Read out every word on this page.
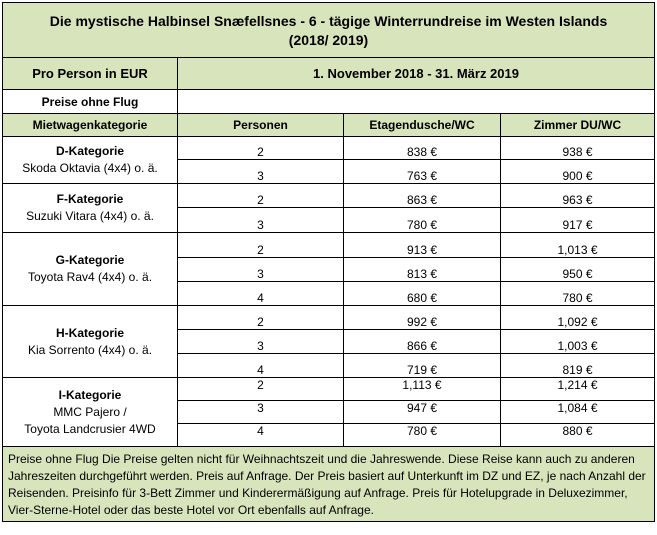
Die mystische Halbinsel Snæfellsnes - 6 - tägige Winterrundreise im Westen Islands
(2018/ 2019)			

Pro Person in EUR	1. November 2018 - 31. März 2019		
Preise ohne Flug			
Mietwagenkategorie	Personen	Etagendusche/WC	Zimmer DU/WC

D-Kategorie
Skoda Oktavia (4x4) o. ä.	2	838 €	938 €
	3	763 €	900 €

F-Kategorie
Suzuki Vitara (4x4) o. ä.	2	863 €	963 €
	3	780 €	917 €

G-Kategorie
Toyota Rav4 (4x4) o. ä.	2	913 €	1,013 €
	3	813 €	950 €
	4	680 €	780 €

H-Kategorie
Kia Sorrento (4x4) o. ä.	2	992 €	1,092 €
	3	866 €	1,003 €
	4	719 €	819 €

I-Kategorie
MMC Pajero /
Toyota Landcrusier 4WD	2	1,113 €	1,214 €
	3	947 €	1,084 €
	4	780 €	880 €
Preise ohne Flug Die Preise gelten nicht für Weihnachtszeit und die Jahreswende. Diese Reise kann auch zu anderen Jahreszeiten durchgeführt werden. Preis auf Anfrage. Der Preis basiert auf Unterkunft im DZ und EZ, je nach Anzahl der Reisenden. Preisinfo für 3-Bett Zimmer und Kinderermäßigung auf Anfrage. Preis für Hotelupgrade in Deluxezimmer, Vier-Sterne-Hotel oder das beste Hotel vor Ort ebenfalls auf Anfrage.			
